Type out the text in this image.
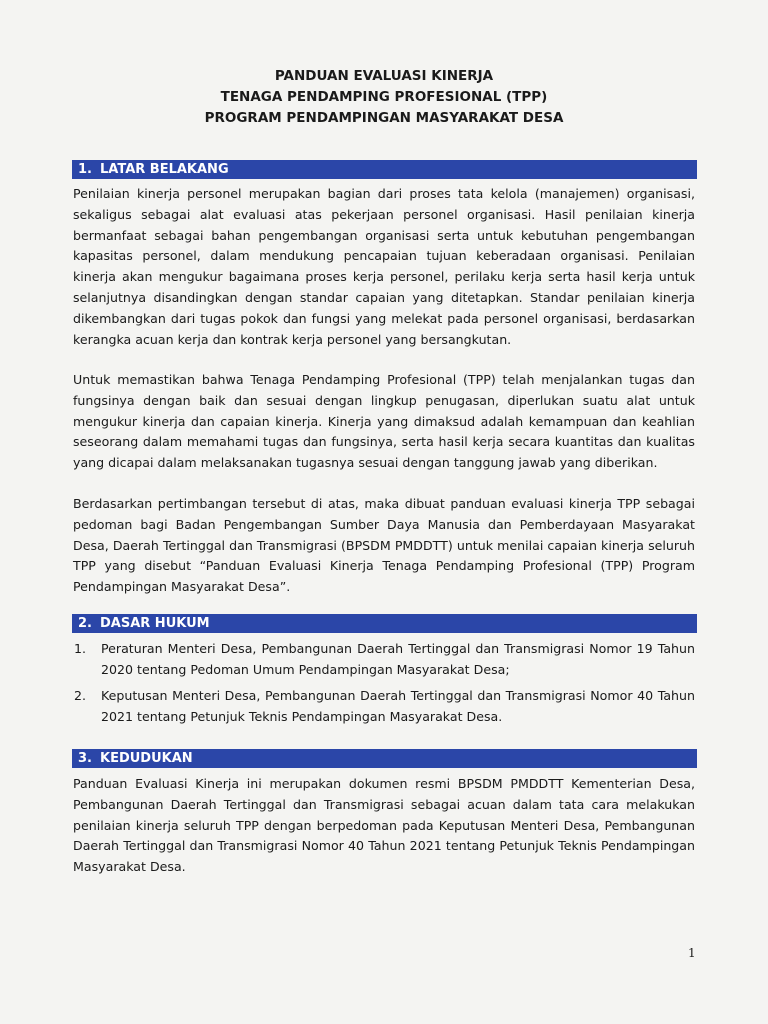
PANDUAN EVALUASI KINERJA
TENAGA PENDAMPING PROFESIONAL (TPP)
PROGRAM PENDAMPINGAN MASYARAKAT DESA
1. LATAR BELAKANG

Penilaian kinerja personel merupakan bagian dari proses tata kelola (manajemen) organisasi, sekaligus sebagai alat evaluasi atas pekerjaan personel organisasi. Hasil penilaian kinerja bermanfaat sebagai bahan pengembangan organisasi serta untuk kebutuhan pengembangan kapasitas personel, dalam mendukung pencapaian tujuan keberadaan organisasi. Penilaian kinerja akan mengukur bagaimana proses kerja personel, perilaku kerja serta hasil kerja untuk selanjutnya disandingkan dengan standar capaian yang ditetapkan. Standar penilaian kinerja dikembangkan dari tugas pokok dan fungsi yang melekat pada personel organisasi, berdasarkan kerangka acuan kerja dan kontrak kerja personel yang bersangkutan.

Untuk memastikan bahwa Tenaga Pendamping Profesional (TPP) telah menjalankan tugas dan fungsinya dengan baik dan sesuai dengan lingkup penugasan, diperlukan suatu alat untuk mengukur kinerja dan capaian kinerja. Kinerja yang dimaksud adalah kemampuan dan keahlian seseorang dalam memahami tugas dan fungsinya, serta hasil kerja secara kuantitas dan kualitas yang dicapai dalam melaksanakan tugasnya sesuai dengan tanggung jawab yang diberikan.

Berdasarkan pertimbangan tersebut di atas, maka dibuat panduan evaluasi kinerja TPP sebagai pedoman bagi Badan Pengembangan Sumber Daya Manusia dan Pemberdayaan Masyarakat Desa, Daerah Tertinggal dan Transmigrasi (BPSDM PMDDTT) untuk menilai capaian kinerja seluruh TPP yang disebut “Panduan Evaluasi Kinerja Tenaga Pendamping Profesional (TPP) Program Pendampingan Masyarakat Desa”.

2. DASAR HUKUM
1. Peraturan Menteri Desa, Pembangunan Daerah Tertinggal dan Transmigrasi Nomor 19 Tahun 2020 tentang Pedoman Umum Pendampingan Masyarakat Desa;
2. Keputusan Menteri Desa, Pembangunan Daerah Tertinggal dan Transmigrasi Nomor 40 Tahun 2021 tentang Petunjuk Teknis Pendampingan Masyarakat Desa.
3. KEDUDUKAN

Panduan Evaluasi Kinerja ini merupakan dokumen resmi BPSDM PMDDTT Kementerian Desa, Pembangunan Daerah Tertinggal dan Transmigrasi sebagai acuan dalam tata cara melakukan penilaian kinerja seluruh TPP dengan berpedoman pada Keputusan Menteri Desa, Pembangunan Daerah Tertinggal dan Transmigrasi Nomor 40 Tahun 2021 tentang Petunjuk Teknis Pendampingan Masyarakat Desa.

1
